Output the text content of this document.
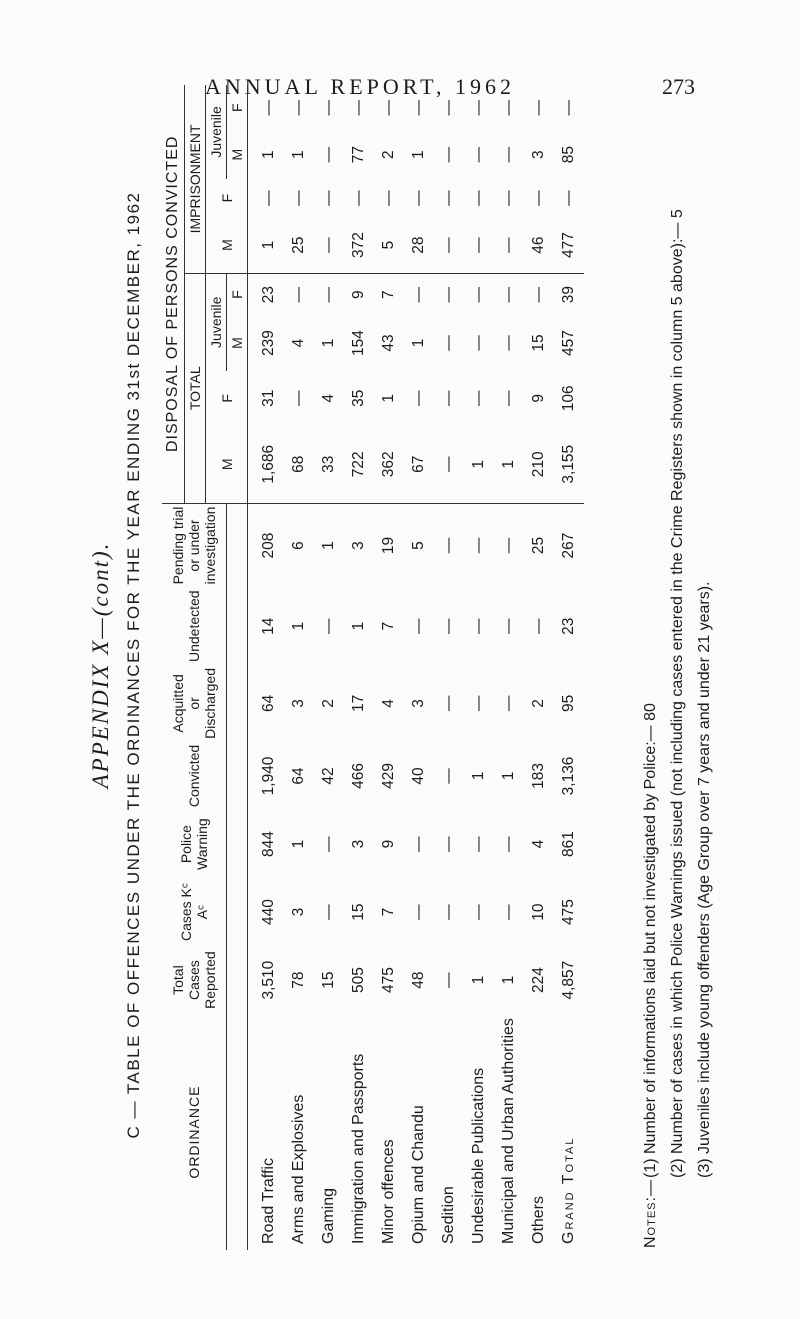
ANNUAL REPORT, 1962	273
APPENDIX X—(cont). C — TABLE OF OFFENCES UNDER THE ORDINANCES FOR THE YEAR ENDING 31st DECEMBER, 1962	ORDINANCE	Total Cases Reported	Cases Kᶜ Aᶜ	Police Warning	Convicted	Acquitted or Discharged	Undetected	Pending trial or under investigation	DISPOSAL OF PERSONS CONVICTED							
								TOTAL				IMPRISONMENT			
								M	F	Juvenile		M	F	Juvenile	
										M	F			M	F
Road Traffic	3,510	440	844	1,940	64	14	208	1,686	31	239	23	1	—	1	—
Arms and Explosives	78	3	1	64	3	1	6	68	—	4	—	25	—	1	—
Gaming	15	—	—	42	2	—	1	33	4	1	—	—	—	—	—
Immigration and Passports	505	15	3	466	17	1	3	722	35	154	9	372	—	77	—
Minor offences	475	7	9	429	4	7	19	362	1	43	7	5	—	2	—
Opium and Chandu	48	—	—	40	3	—	5	67	—	1	—	28	—	1	—
Sedition	—	—	—	—	—	—	—	—	—	—	—	—	—	—	—
Undesirable Publications	1	—	—	1	—	—	—	1	—	—	—	—	—	—	—
Municipal and Urban Authorities	1	—	—	1	—	—	—	1	—	—	—	—	—	—	—
Others	224	10	4	183	2	—	25	210	9	15	—	46	—	3	—
Grand Total	4,857	475	861	3,136	95	23	267	3,155	106	457	39	477	—	85	—
Notes:—
(1) Number of informations laid but not investigated by Police:— 80 (2) Number of cases in which Police Warnings issued (not including cases entered in the Crime Registers shown in column 5 above):— 5 (3) Juveniles include young offenders (Age Group over 7 years and under 21 years).
